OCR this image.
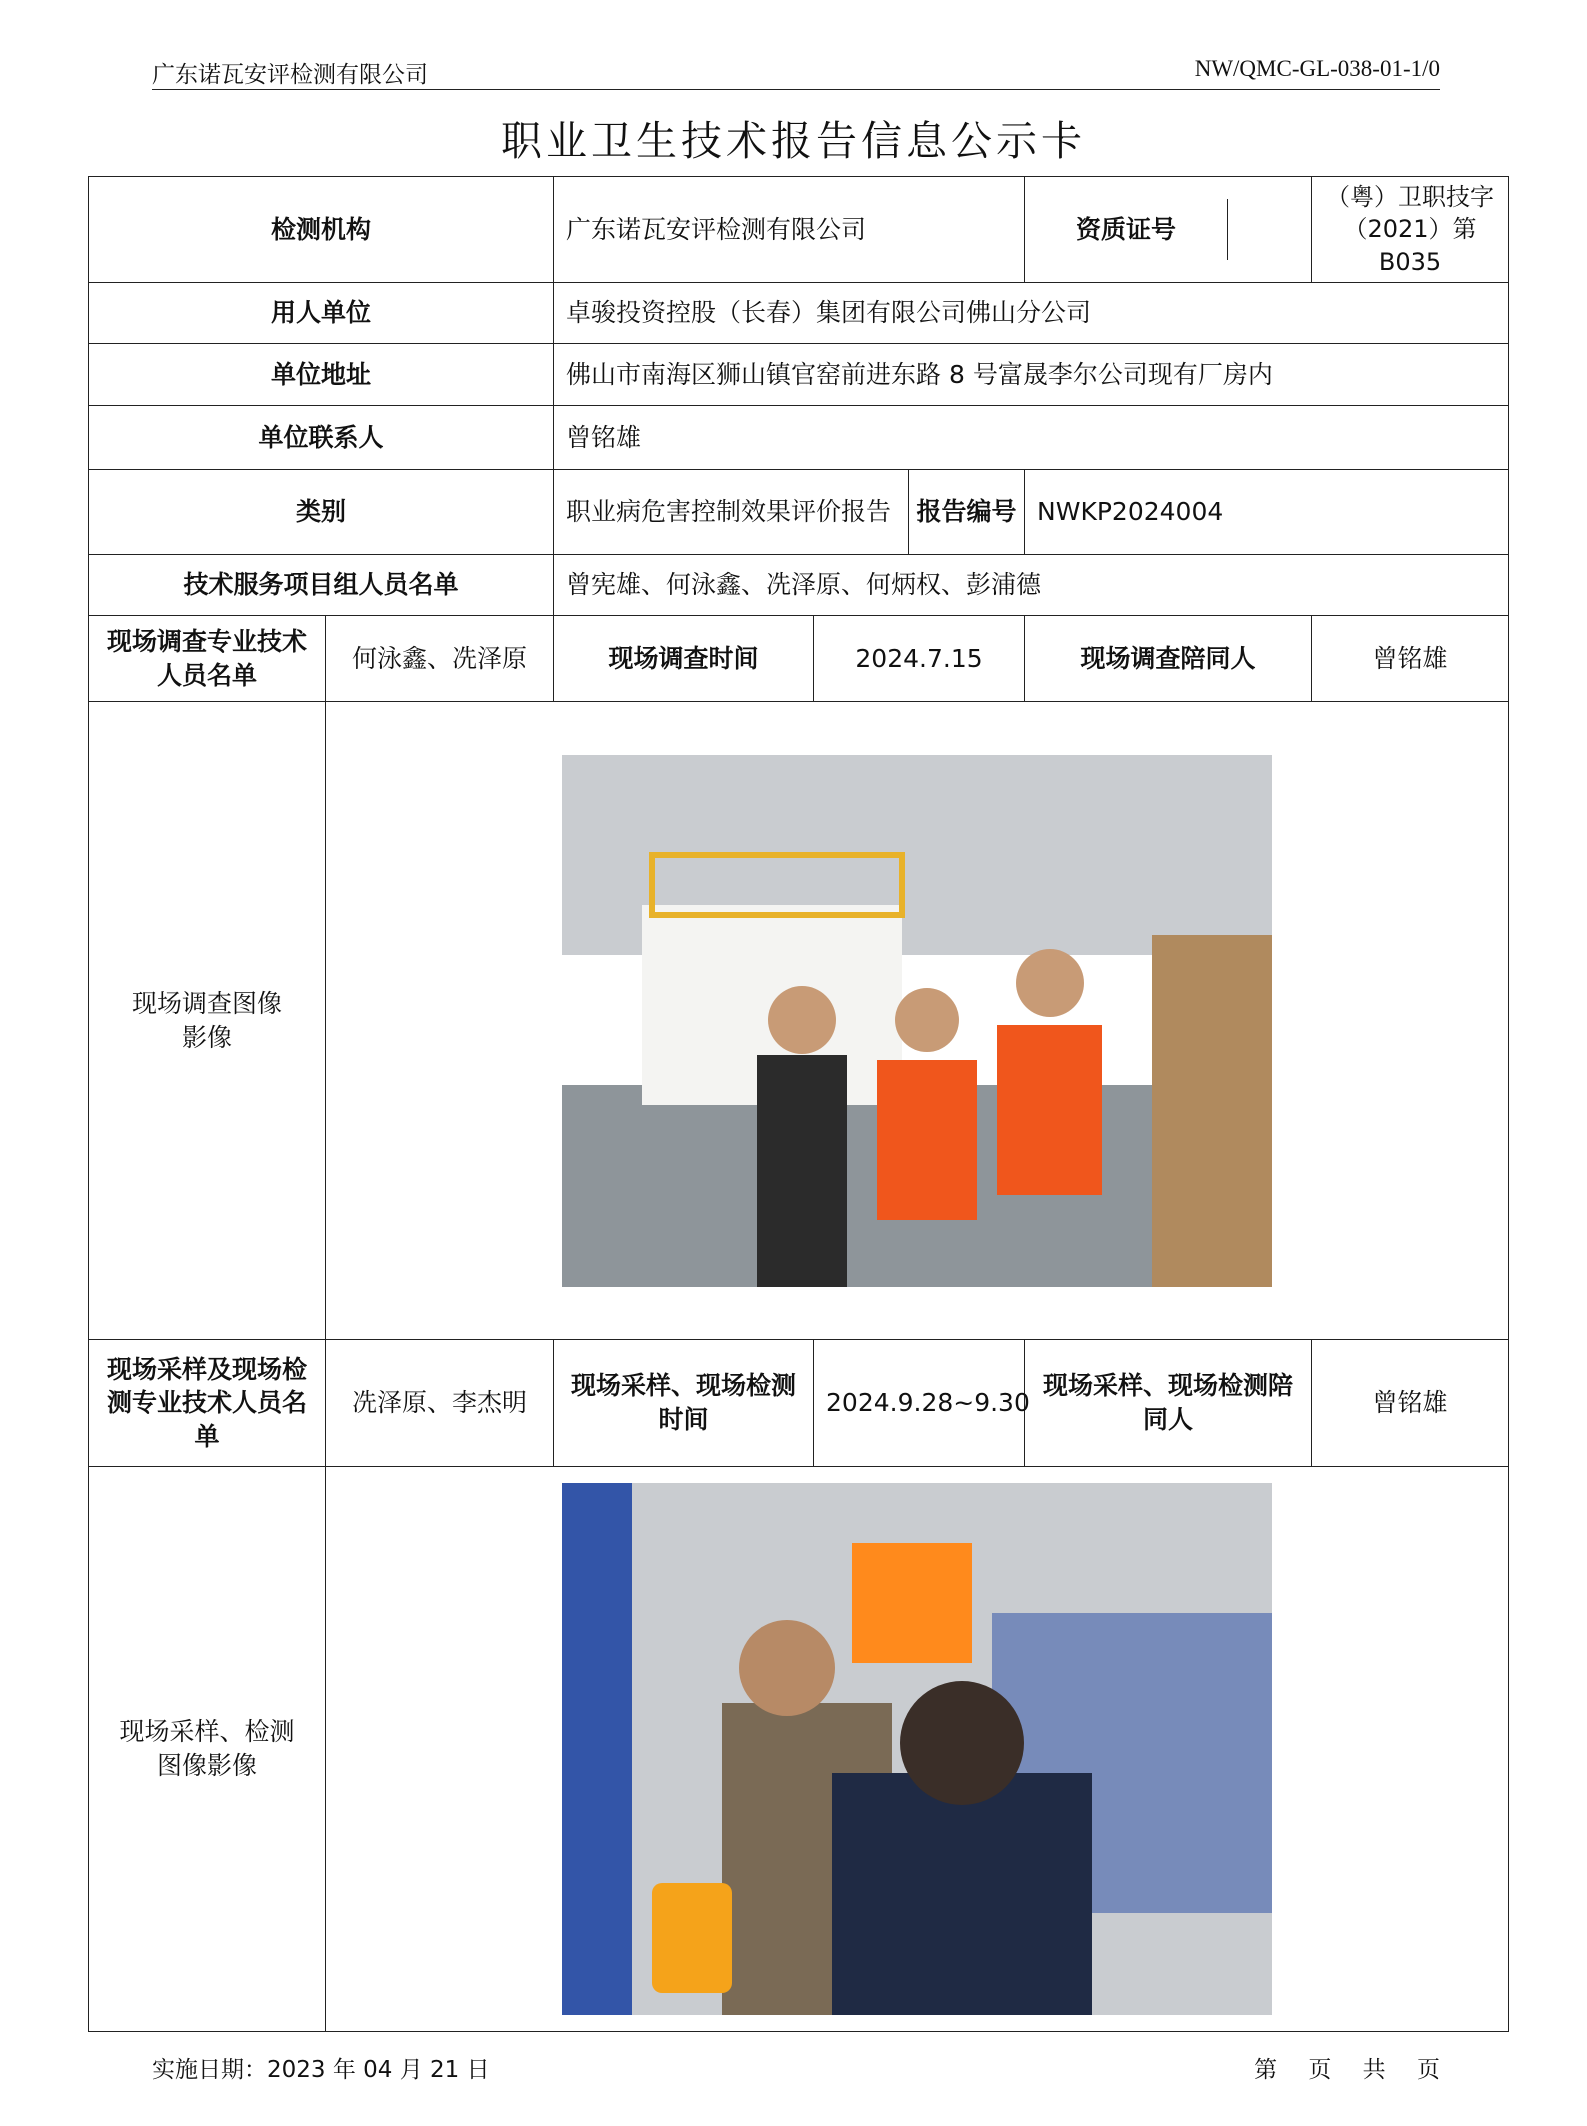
广东诺瓦安评检测有限公司	NW/QMC-GL-038-01-1/0
职业卫生技术报告信息公示卡
检测机构		广东诺瓦安评检测有限公司		资质证号	（粤）卫职技字（2021）第 B035
用人单位		卓骏投资控股（长春）集团有限公司佛山分公司			
单位地址		佛山市南海区狮山镇官窑前进东路 8 号富晟李尔公司现有厂房内			
单位联系人		曾铭雄			
类别		职业病危害控制效果评价报告 报告编号		NWKP2024004	
技术服务项目组人员名单		曾宪雄、何泳鑫、冼泽原、何炳权、彭浦德			
现场调查专业技术人员名单	何泳鑫、冼泽原	现场调查时间	2024.7.15	现场调查陪同人	曾铭雄
现场调查图像影像	

现场采样及现场检测专业技术人员名单	冼泽原、李杰明	现场采样、现场检测时间	2024.9.28~9.30	现场采样、现场检测陪同人	曾铭雄
现场采样、检测图像影像	
实施日期：2023 年 04 月 21 日	第 页 共 页
